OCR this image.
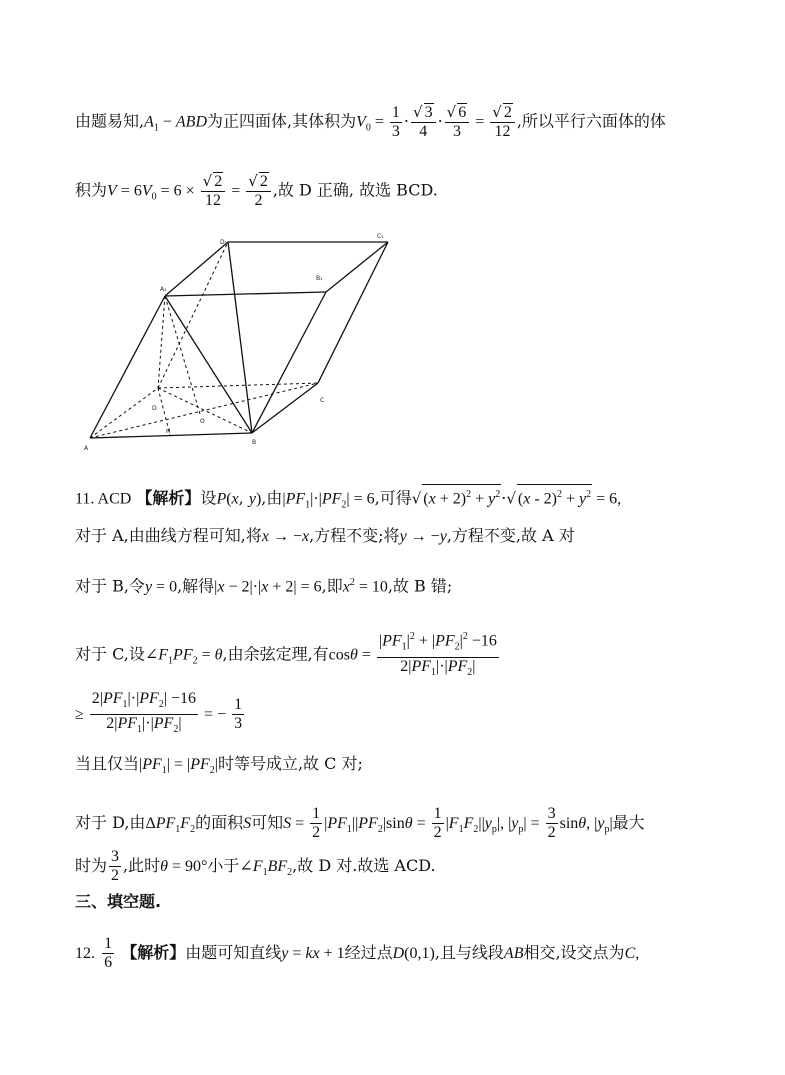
由题易知$,A_1$ − ABD为正四面体,其体积为$V_0 = \frac{1}{3} \cdot \frac{√ 3}{4} \cdot \frac{√ 6}{3} = \frac{√ 2}{12}$ ,所以平行六面体的体
积为$V = 6V_0 = 6 \times \frac{√ 2}{12} = \frac{√ 2}{2}$ ,故 D 正确, 故选 BCD.
A
B
C
D
A₁
B₁
C₁
D₁
O
H
11. ACD 【解析】设P(x, y),由$|PF_1|\cdot|PF_2| = 6$,可得√ $(x + 2)^2 + y^2\cdot√$ $(x - 2)^2 + y^2 = 6$,
对于 A,由曲线方程可知,将x → −x,方程不变;将y → −y,方程不变,故 A 对
对于 B,令y = 0,解得|x − 2|·|x + 2| = 6,即$x^2 = 10$,故 B 错;
对于 C,设$\angle F_1PF_2 = \theta$,由余弦定理,有$\cos\theta = \frac{|PF_1|^2 + |PF_2|^2 -16}{2|PF_1|\cdot|PF_2|}$
≥ $\frac{2|PF_1|\cdot|PF_2| -16}{2|PF_1|\cdot|PF_2|}$ = − $\frac{1}{3}$
当且仅当$|PF_1| = |PF_2|$时等号成立,故 C 对;
对于 D,由$\Delta PF_1F_2$的面积S可知$S = \frac{1}{2} |PF_1||PF_2|\sin\theta = \frac{1}{2} |F_1F_2||y_p|$, $|y_p| = \frac{3}{2} \sin\theta$, $|y_p|$最大
时为 $\frac{3}{2}$ ,此时θ = 90°小于$\angle F_1BF_2$,故 D 对.故选 ACD.
三、填空题.
12. $\frac{1}{6}$ 【解析】由题可知直线y = kx + 1经过点D(0,1),且与线段AB相交,设交点为C,
